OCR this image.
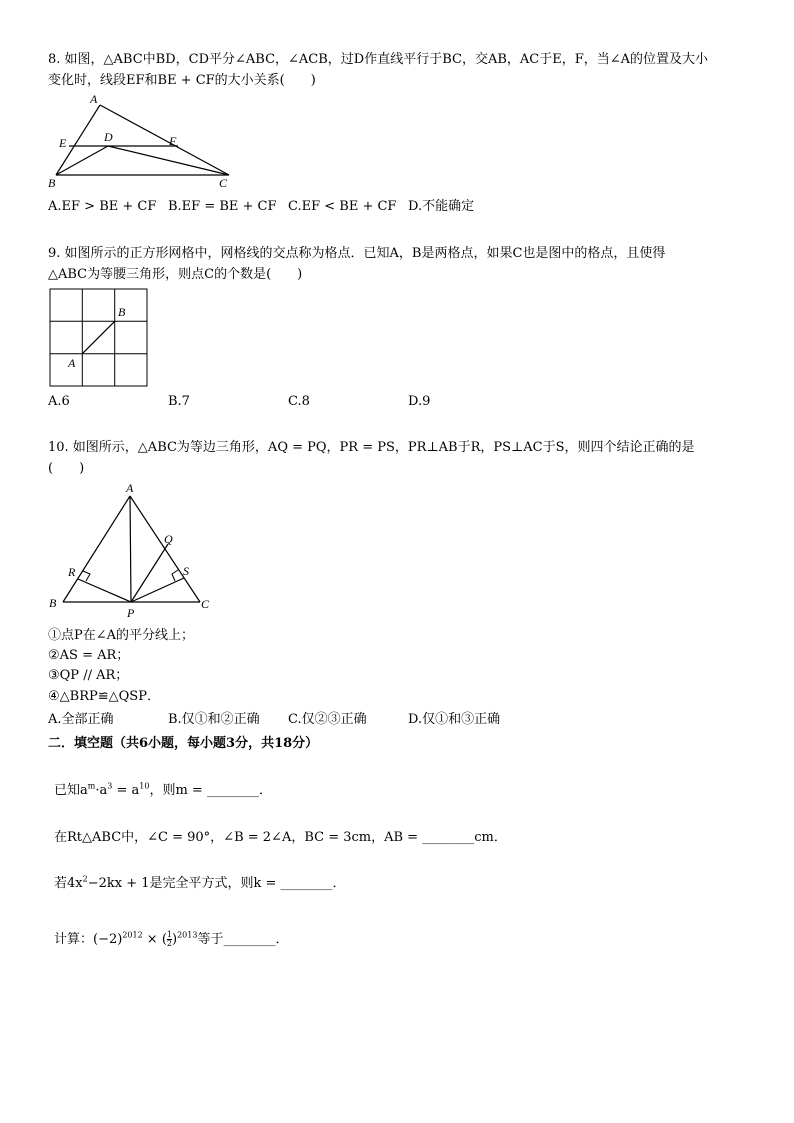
8. 如图，△ABC中BD，CD平分∠ABC，∠ACB，过D作直线平行于BC，交AB，AC于E，F，当∠A的位置及大小
变化时，线段EF和BE + CF的大小关系(　　)
A
B	C
D
E	F
A.EF > BE + CF B.EF = BE + CF C.EF < BE + CF D.不能确定
9. 如图所示的正方形网格中，网格线的交点称为格点．已知A，B是两格点，如果C也是图中的格点，且使得
△ABC为等腰三角形，则点C的个数是(　　)
B
A
A.6	B.7	C.8	D.9
10. 如图所示，△ABC为等边三角形，AQ = PQ，PR = PS，PR⊥AB于R，PS⊥AC于S，则四个结论正确的是
(　　)
A
B	C
P
Q
R	S
①点P在∠A的平分线上；
②AS = AR；
③QP // AR；
④△BRP≌△QSP．
A.全部正确	B.仅①和②正确 C.仅②③正确	D.仅①和③正确
二．填空题（共6小题，每小题3分，共18分）
已知$a^m\cdot a^3 = a^{10}$，则m = ________．
在Rt△ABC中，∠C = 90°，∠B = 2∠A，BC = 3cm，AB = ________cm．
若$4x^2-2kx + 1$是完全平方式，则k = ________．
计算：$(-2)^{2012}$ × ( $\frac{1}{2} )^{2013}$等于________．
